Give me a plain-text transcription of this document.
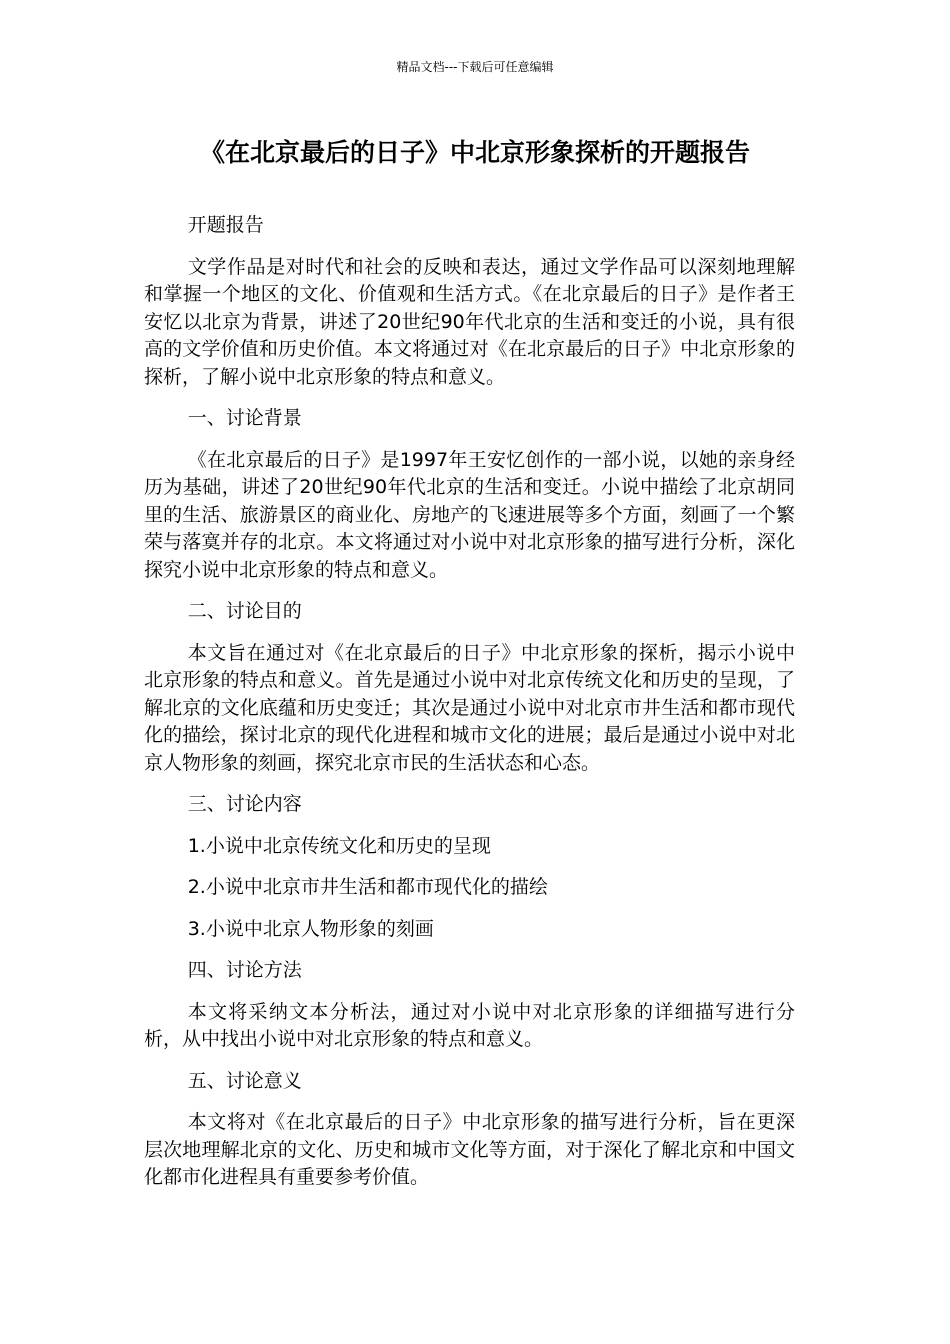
精品文档---下载后可任意编辑
《在北京最后的日子》中北京形象探析的开题报告

开题报告

文学作品是对时代和社会的反映和表达，通过文学作品可以深刻地理解和掌握一个地区的文化、价值观和生活方式。《在北京最后的日子》是作者王安忆以北京为背景，讲述了20世纪90年代北京的生活和变迁的小说，具有很高的文学价值和历史价值。本文将通过对《在北京最后的日子》中北京形象的探析，了解小说中北京形象的特点和意义。

一、讨论背景

《在北京最后的日子》是1997年王安忆创作的一部小说，以她的亲身经历为基础，讲述了20世纪90年代北京的生活和变迁。小说中描绘了北京胡同里的生活、旅游景区的商业化、房地产的飞速进展等多个方面，刻画了一个繁荣与落寞并存的北京。本文将通过对小说中对北京形象的描写进行分析，深化探究小说中北京形象的特点和意义。

二、讨论目的

本文旨在通过对《在北京最后的日子》中北京形象的探析，揭示小说中北京形象的特点和意义。首先是通过小说中对北京传统文化和历史的呈现，了解北京的文化底蕴和历史变迁；其次是通过小说中对北京市井生活和都市现代化的描绘，探讨北京的现代化进程和城市文化的进展；最后是通过小说中对北京人物形象的刻画，探究北京市民的生活状态和心态。

三、讨论内容

1.小说中北京传统文化和历史的呈现

2.小说中北京市井生活和都市现代化的描绘

3.小说中北京人物形象的刻画

四、讨论方法

本文将采纳文本分析法，通过对小说中对北京形象的详细描写进行分析，从中找出小说中对北京形象的特点和意义。

五、讨论意义

本文将对《在北京最后的日子》中北京形象的描写进行分析，旨在更深层次地理解北京的文化、历史和城市文化等方面，对于深化了解北京和中国文化都市化进程具有重要参考价值。
